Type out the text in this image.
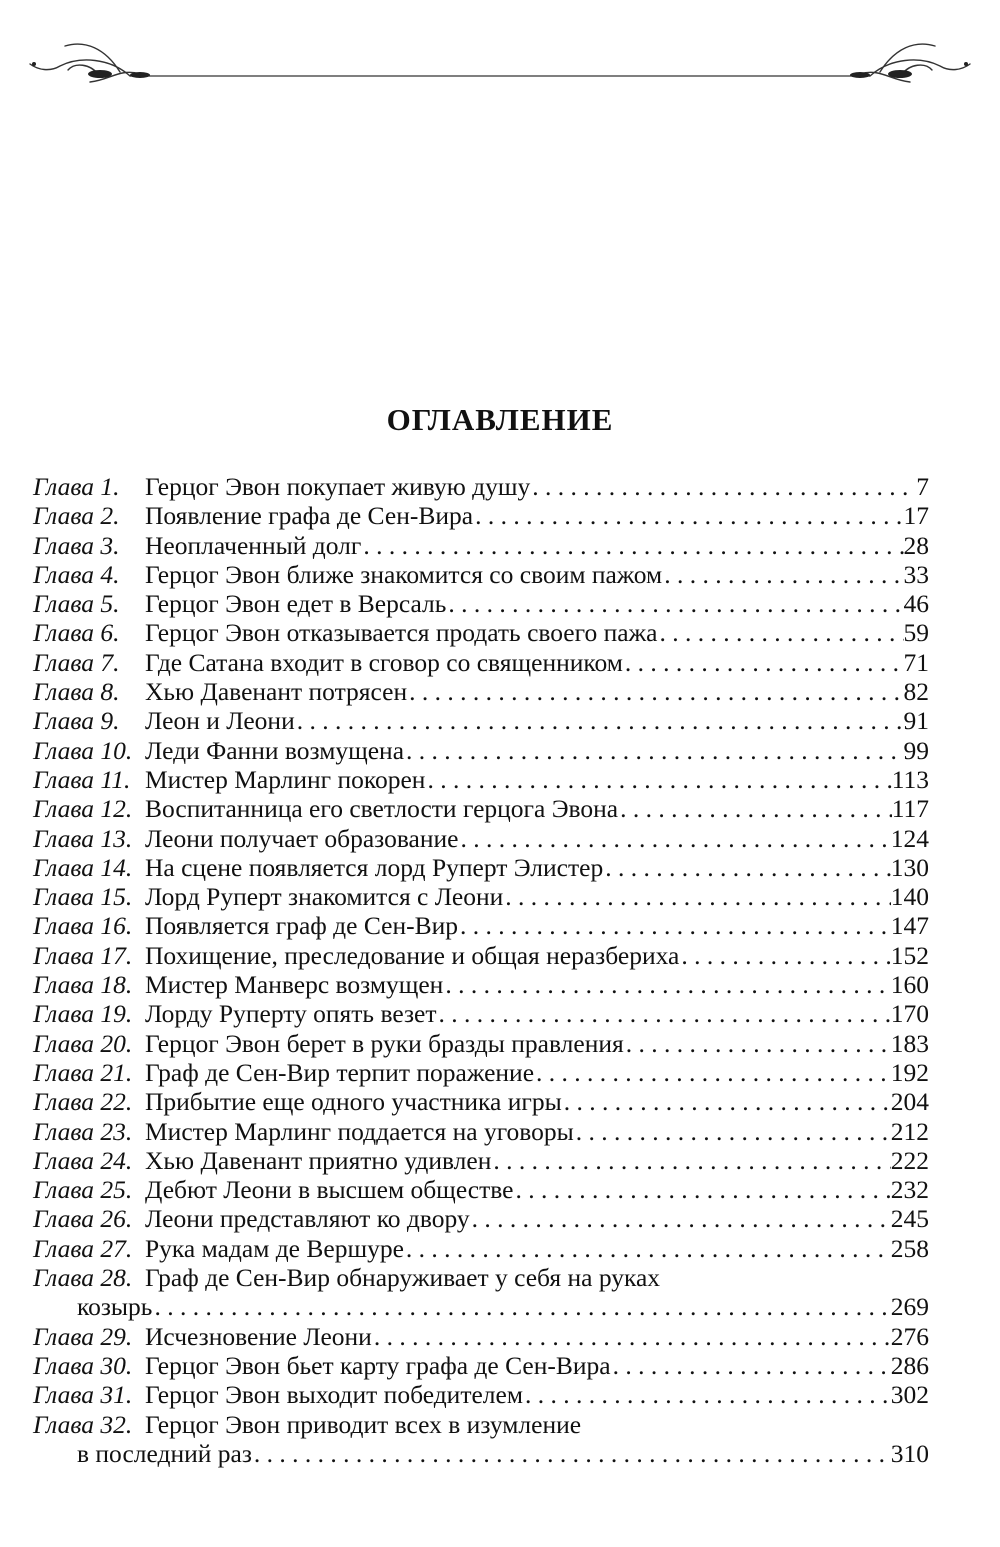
ОГЛАВЛЕНИЕ
Глава 1.	Герцог Эвон покупает живую душу . . .	7
Глава 2.	Появление графа де Сен-Вира . . .	17
Глава 3.	Неоплаченный долг . . .	28
Глава 4.	Герцог Эвон ближе знакомится со своим пажом . . .	33
Глава 5.	Герцог Эвон едет в Версаль . . .	46
Глава 6.	Герцог Эвон отказывается продать своего пажа . . .	59
Глава 7.	Где Сатана входит в сговор со священником . . .	71
Глава 8.	Хью Давенант потрясен . . .	82
Глава 9.	Леон и Леони . . .	91
Глава 10. Леди Фанни возмущена . . .	99
Глава 11. Мистер Марлинг покорен . . .	113
Глава 12. Воспитанница его светлости герцога Эвона . . .	117
Глава 13. Леони получает образование . . .	124
Глава 14. На сцене появляется лорд Руперт Элистер . . .	130
Глава 15. Лорд Руперт знакомится с Леони . . .	140
Глава 16. Появляется граф де Сен-Вир . . .	147
Глава 17. Похищение, преследование и общая неразбериха . . .	152
Глава 18. Мистер Манверс возмущен . . .	160
Глава 19. Лорду Руперту опять везет . . .	170
Глава 20. Герцог Эвон берет в руки бразды правления . . .	183
Глава 21. Граф де Сен-Вир терпит поражение . . .	192
Глава 22. Прибытие еще одного участника игры . . .	204
Глава 23. Мистер Марлинг поддается на уговоры . . .	212
Глава 24. Хью Давенант приятно удивлен . . .	222
Глава 25. Дебют Леони в высшем обществе . . .	232
Глава 26. Леони представляют ко двору . . .	245
Глава 27. Рука мадам де Вершуре . . .	258
Глава 28. Граф де Сен-Вир обнаруживает у себя на руках
козырь . . .	269
Глава 29. Исчезновение Леони . . .	276
Глава 30. Герцог Эвон бьет карту графа де Сен-Вира . . .	286
Глава 31. Герцог Эвон выходит победителем . . .	302
Глава 32. Герцог Эвон приводит всех в изумление
в последний раз . . .	310
